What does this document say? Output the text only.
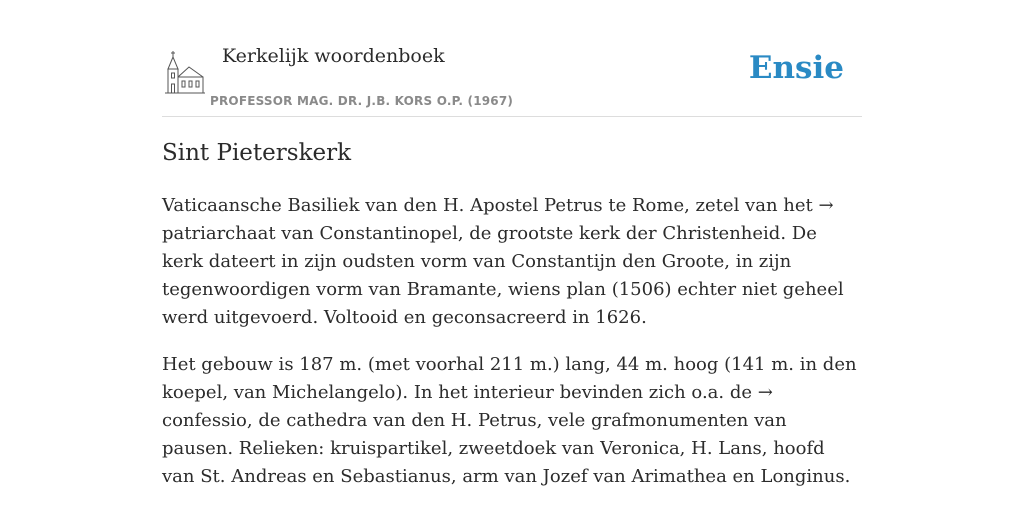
Kerkelijk woordenboek
PROFESSOR MAG. DR. J.B. KORS O.P. (1967)
Ensie
Sint Pieterskerk

Vaticaansche Basiliek van den H. Apostel Petrus te Rome, zetel van het → patriarchaat van Constantinopel, de grootste kerk der Christenheid. De kerk dateert in zijn oudsten vorm van Constantijn den Groote, in zijn tegenwoordigen vorm van Bramante, wiens plan (1506) echter niet geheel werd uitgevoerd. Voltooid en geconsacreerd in 1626.

Het gebouw is 187 m. (met voorhal 211 m.) lang, 44 m. hoog (141 m. in den koepel, van Michelangelo). In het interieur bevinden zich o.a. de → confessio, de cathedra van den H. Petrus, vele grafmonumenten van pausen. Relieken: kruispartikel, zweetdoek van Veronica, H. Lans, hoofd van St. Andreas en Sebastianus, arm van Jozef van Arimathea en Longinus.
